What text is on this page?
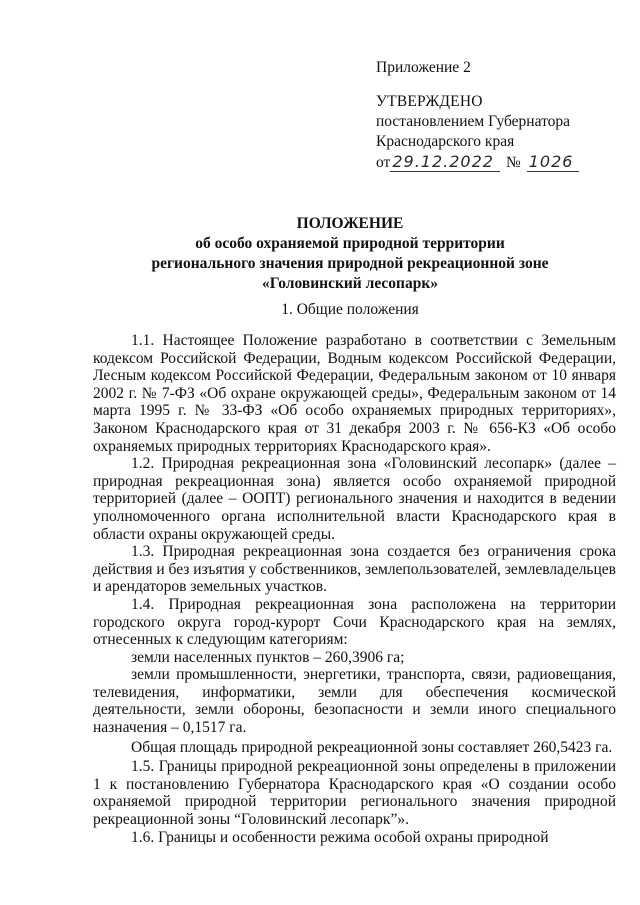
Приложение 2
УТВЕРЖДЕНО
постановлением Губернатора
Краснодарского края
от 29.12.2022 № 1026
ПОЛОЖЕНИЕ
об особо охраняемой природной территории
регионального значения природной рекреационной зоне
«Головинский лесопарк»
1. Общие положения

1.1. Настоящее Положение разработано в соответствии с Земельным кодексом Российской Федерации, Водным кодексом Российской Федерации, Лесным кодексом Российской Федерации, Федеральным законом от 10 января 2002 г. № 7-ФЗ «Об охране окружающей среды», Федеральным законом от 14 марта 1995 г. № 33-ФЗ «Об особо охраняемых природных территориях», Законом Краснодарского края от 31 декабря 2003 г. № 656-КЗ «Об особо охраняемых природных территориях Краснодарского края».

1.2. Природная рекреационная зона «Головинский лесопарк» (далее – природная рекреационная зона) является особо охраняемой природной территорией (далее – ООПТ) регионального значения и находится в ведении уполномоченного органа исполнительной власти Краснодарского края в области охраны окружающей среды.

1.3. Природная рекреационная зона создается без ограничения срока действия и без изъятия у собственников, землепользователей, землевладельцев и арендаторов земельных участков.

1.4. Природная рекреационная зона расположена на территории городского округа город-курорт Сочи Краснодарского края на землях, отнесенных к следующим категориям:

земли населенных пунктов – 260,3906 га;

земли промышленности, энергетики, транспорта, связи, радиовещания, телевидения, информатики, земли для обеспечения космической деятельности, земли обороны, безопасности и земли иного специального назначения – 0,1517 га.

Общая площадь природной рекреационной зоны составляет 260,5423 га.

1.5. Границы природной рекреационной зоны определены в приложении 1 к постановлению Губернатора Краснодарского края «О создании особо охраняемой природной территории регионального значения природной рекреационной зоны “Головинский лесопарк”».

1.6. Границы и особенности режима особой охраны природной
